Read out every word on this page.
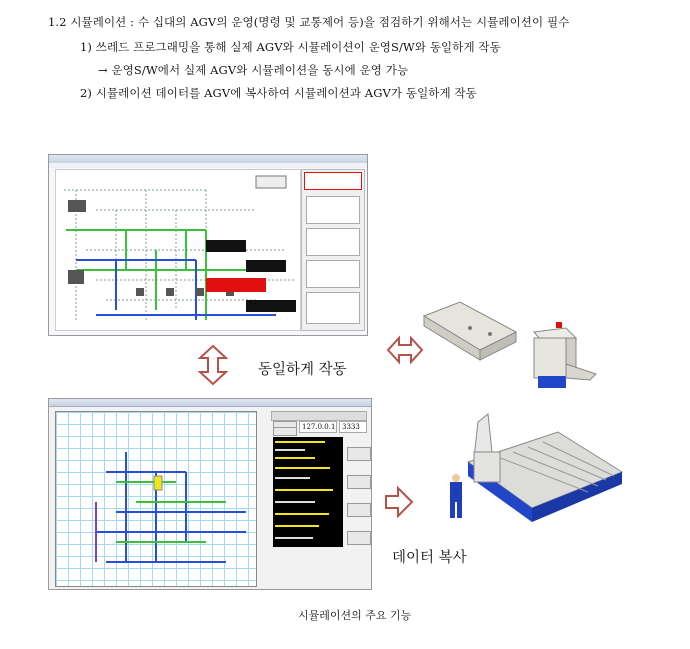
1.2 시뮬레이션 : 수 십대의 AGV의 운영(명령 및 교통제어 등)을 점검하기 위해서는 시뮬레이션이 필수
1) 쓰레드 프로그래밍을 통해 실제 AGV와 시뮬레이션이 운영S/W와 동일하게 작동
→ 운영S/W에서 실제 AGV와 시뮬레이션을 동시에 운영 가능
2) 시뮬레이션 데이터를 AGV에 복사하여 시뮬레이션과 AGV가 동일하게 작동
동일하게 작동
127.0.0.1 3333
데이터 복사
시뮬레이션의 주요 기능
